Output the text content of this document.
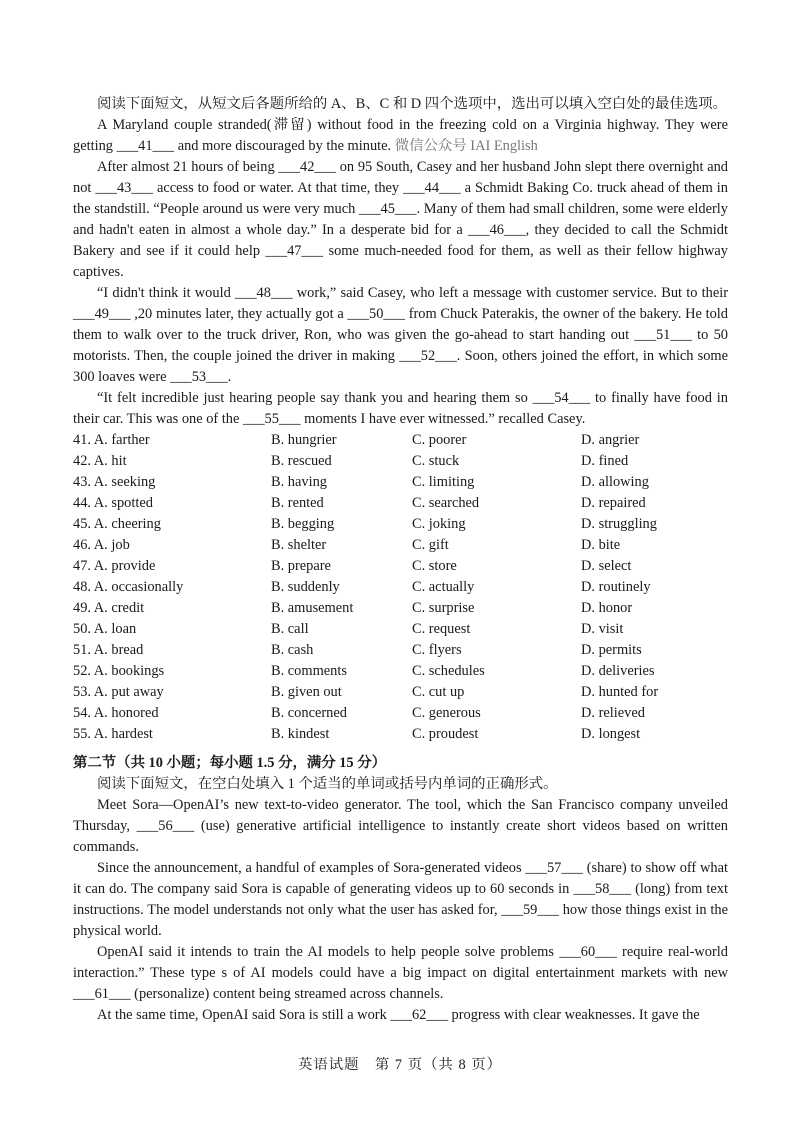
阅读下面短文，从短文后各题所给的 A、B、C 和 D 四个选项中，选出可以填入空白处的最佳选项。

A Maryland couple stranded(滞留) without food in the freezing cold on a Virginia highway. They were getting ___41___ and more discouraged by the minute. 微信公众号 IAI English

After almost 21 hours of being ___42___ on 95 South, Casey and her husband John slept there overnight and not ___43___ access to food or water. At that time, they ___44___ a Schmidt Baking Co. truck ahead of them in the standstill. “People around us were very much ___45___. Many of them had small children, some were elderly and hadn't eaten in almost a whole day.” In a desperate bid for a ___46___, they decided to call the Schmidt Bakery and see if it could help ___47___ some much-needed food for them, as well as their fellow highway captives.

“I didn't think it would ___48___ work,” said Casey, who left a message with customer service. But to their ___49___ ,20 minutes later, they actually got a ___50___ from Chuck Paterakis, the owner of the bakery. He told them to walk over to the truck driver, Ron, who was given the go-ahead to start handing out ___51___ to 50 motorists. Then, the couple joined the driver in making ___52___. Soon, others joined the effort, in which some 300 loaves were ___53___.

“It felt incredible just hearing people say thank you and hearing them so ___54___ to finally have food in their car. This was one of the ___55___ moments I have ever witnessed.” recalled Casey.

41. A. farther	B. hungrier	C. poorer	D. angrier
42. A. hit	B. rescued	C. stuck	D. fined
43. A. seeking	B. having	C. limiting	D. allowing
44. A. spotted	B. rented	C. searched	D. repaired
45. A. cheering	B. begging	C. joking	D. struggling
46. A. job	B. shelter	C. gift	D. bite
47. A. provide	B. prepare	C. store	D. select
48. A. occasionally	B. suddenly	C. actually	D. routinely
49. A. credit	B. amusement	C. surprise	D. honor
50. A. loan	B. call	C. request	D. visit
51. A. bread	B. cash	C. flyers	D. permits
52. A. bookings	B. comments	C. schedules	D. deliveries
53. A. put away	B. given out	C. cut up	D. hunted for
54. A. honored	B. concerned	C. generous	D. relieved
55. A. hardest	B. kindest	C. proudest	D. longest
第二节（共 10 小题；每小题 1.5 分，满分 15 分）

阅读下面短文，在空白处填入 1 个适当的单词或括号内单词的正确形式。

Meet Sora—OpenAI’s new text-to-video generator. The tool, which the San Francisco company unveiled Thursday, ___56___ (use) generative artificial intelligence to instantly create short videos based on written commands.

Since the announcement, a handful of examples of Sora-generated videos ___57___ (share) to show off what it can do. The company said Sora is capable of generating videos up to 60 seconds in ___58___ (long) from text instructions. The model understands not only what the user has asked for, ___59___ how those things exist in the physical world.

OpenAI said it intends to train the AI models to help people solve problems ___60___ require real-world interaction.” These type s of AI models could have a big impact on digital entertainment markets with new ___61___ (personalize) content being streamed across channels.

At the same time, OpenAI said Sora is still a work ___62___ progress with clear weaknesses. It gave the

英语试题　第 7 页（共 8 页）
